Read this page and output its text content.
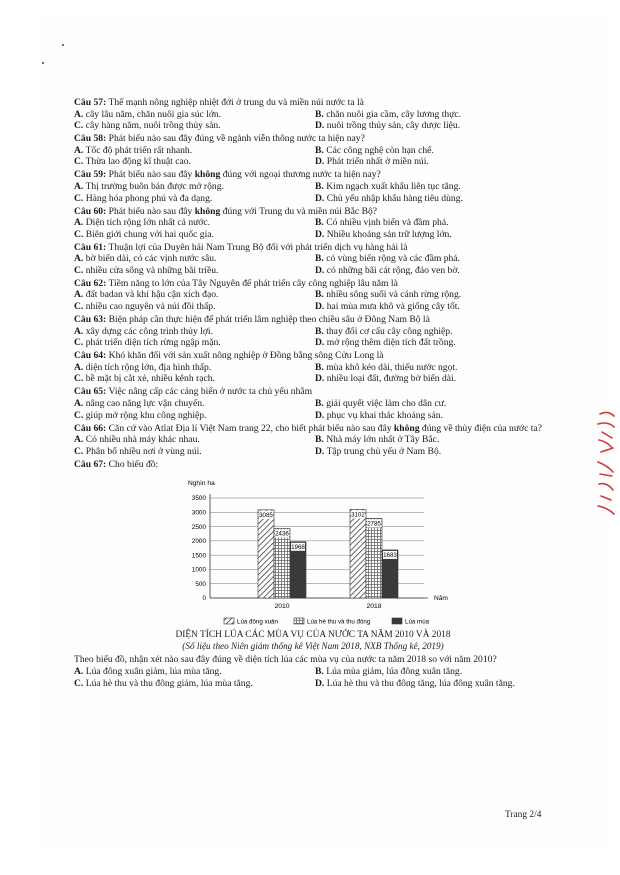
Câu 57: Thế mạnh nông nghiệp nhiệt đới ở trung du và miền núi nước ta là
A. cây lâu năm, chăn nuôi gia súc lớn.	B. chăn nuôi gia cầm, cây lương thực.
C. cây hàng năm, nuôi trồng thủy sản.	D. nuôi trồng thủy sản, cây dược liệu.
Câu 58: Phát biểu nào sau đây đúng về ngành viễn thông nước ta hiện nay?
A. Tốc độ phát triển rất nhanh.	B. Các công nghệ còn hạn chế.
C. Thừa lao động kĩ thuật cao.	D. Phát triển nhất ở miền núi.
Câu 59: Phát biểu nào sau đây không đúng với ngoại thương nước ta hiện nay?
A. Thị trường buôn bán được mở rộng.	B. Kim ngạch xuất khẩu liên tục tăng.
C. Hàng hóa phong phú và đa dạng.	D. Chủ yếu nhập khẩu hàng tiêu dùng.
Câu 60: Phát biểu nào sau đây không đúng với Trung du và miền núi Bắc Bộ?
A. Diện tích rộng lớn nhất cả nước.	B. Có nhiều vịnh biển và đầm phá.
C. Biên giới chung với hai quốc gia.	D. Nhiều khoáng sản trữ lượng lớn.
Câu 61: Thuận lợi của Duyên hải Nam Trung Bộ đối với phát triển dịch vụ hàng hải là
A. bờ biển dài, có các vịnh nước sâu.	B. có vùng biển rộng và các đầm phá.
C. nhiều cửa sông và những bãi triều.	D. có những bãi cát rộng, đảo ven bờ.
Câu 62: Tiềm năng to lớn của Tây Nguyên để phát triển cây công nghiệp lâu năm là
A. đất badan và khí hậu cận xích đạo.	B. nhiều sông suối và cánh rừng rộng.
C. nhiều cao nguyên và núi đồi thấp.	D. hai mùa mưa khô và giống cây tốt.
Câu 63: Biện pháp cần thực hiện để phát triển lâm nghiệp theo chiều sâu ở Đông Nam Bộ là
A. xây dựng các công trình thủy lợi.	B. thay đổi cơ cấu cây công nghiệp.
C. phát triển diện tích rừng ngập mặn.	D. mở rộng thêm diện tích đất trồng.
Câu 64: Khó khăn đối với sản xuất nông nghiệp ở Đồng bằng sông Cửu Long là
A. diện tích rộng lớn, địa hình thấp.	B. mùa khô kéo dài, thiếu nước ngọt.
C. bề mặt bị cắt xẻ, nhiều kênh rạch.	D. nhiều loại đất, đường bờ biển dài.
Câu 65: Việc nâng cấp các cảng biển ở nước ta chủ yếu nhằm
A. nâng cao năng lực vận chuyển.	B. giải quyết việc làm cho dân cư.
C. giúp mở rộng khu công nghiệp.	D. phục vụ khai thác khoáng sản.
Câu 66: Căn cứ vào Atlat Địa lí Việt Nam trang 22, cho biết phát biểu nào sau đây không đúng về thủy điện của nước ta?
A. Có nhiều nhà máy khác nhau.	B. Nhà máy lớn nhất ở Tây Bắc.
C. Phân bố nhiều nơi ở vùng núi.	D. Tập trung chủ yếu ở Nam Bộ.
Câu 67: Cho biểu đồ:
Nghìn ha
0
500
1000
1500
2000
2500
3000
3500
Năm
3085
2436
1968
2010
3102
2785
1683
2018
Lúa đông xuân	Lúa hè thu và thu đông	Lúa mùa
DIỆN TÍCH LÚA CÁC MÙA VỤ CỦA NƯỚC TA NĂM 2010 VÀ 2018
(Số liệu theo Niên giám thống kê Việt Nam 2018, NXB Thống kê, 2019)
Theo biểu đồ, nhận xét nào sau đây đúng về diện tích lúa các mùa vụ của nước ta năm 2018 so với năm 2010?
A. Lúa đông xuân giảm, lúa mùa tăng.	B. Lúa mùa giảm, lúa đông xuân tăng.
C. Lúa hè thu và thu đông giảm, lúa mùa tăng.	D. Lúa hè thu và thu đông tăng, lúa đông xuân tăng.
Trang 2/4
